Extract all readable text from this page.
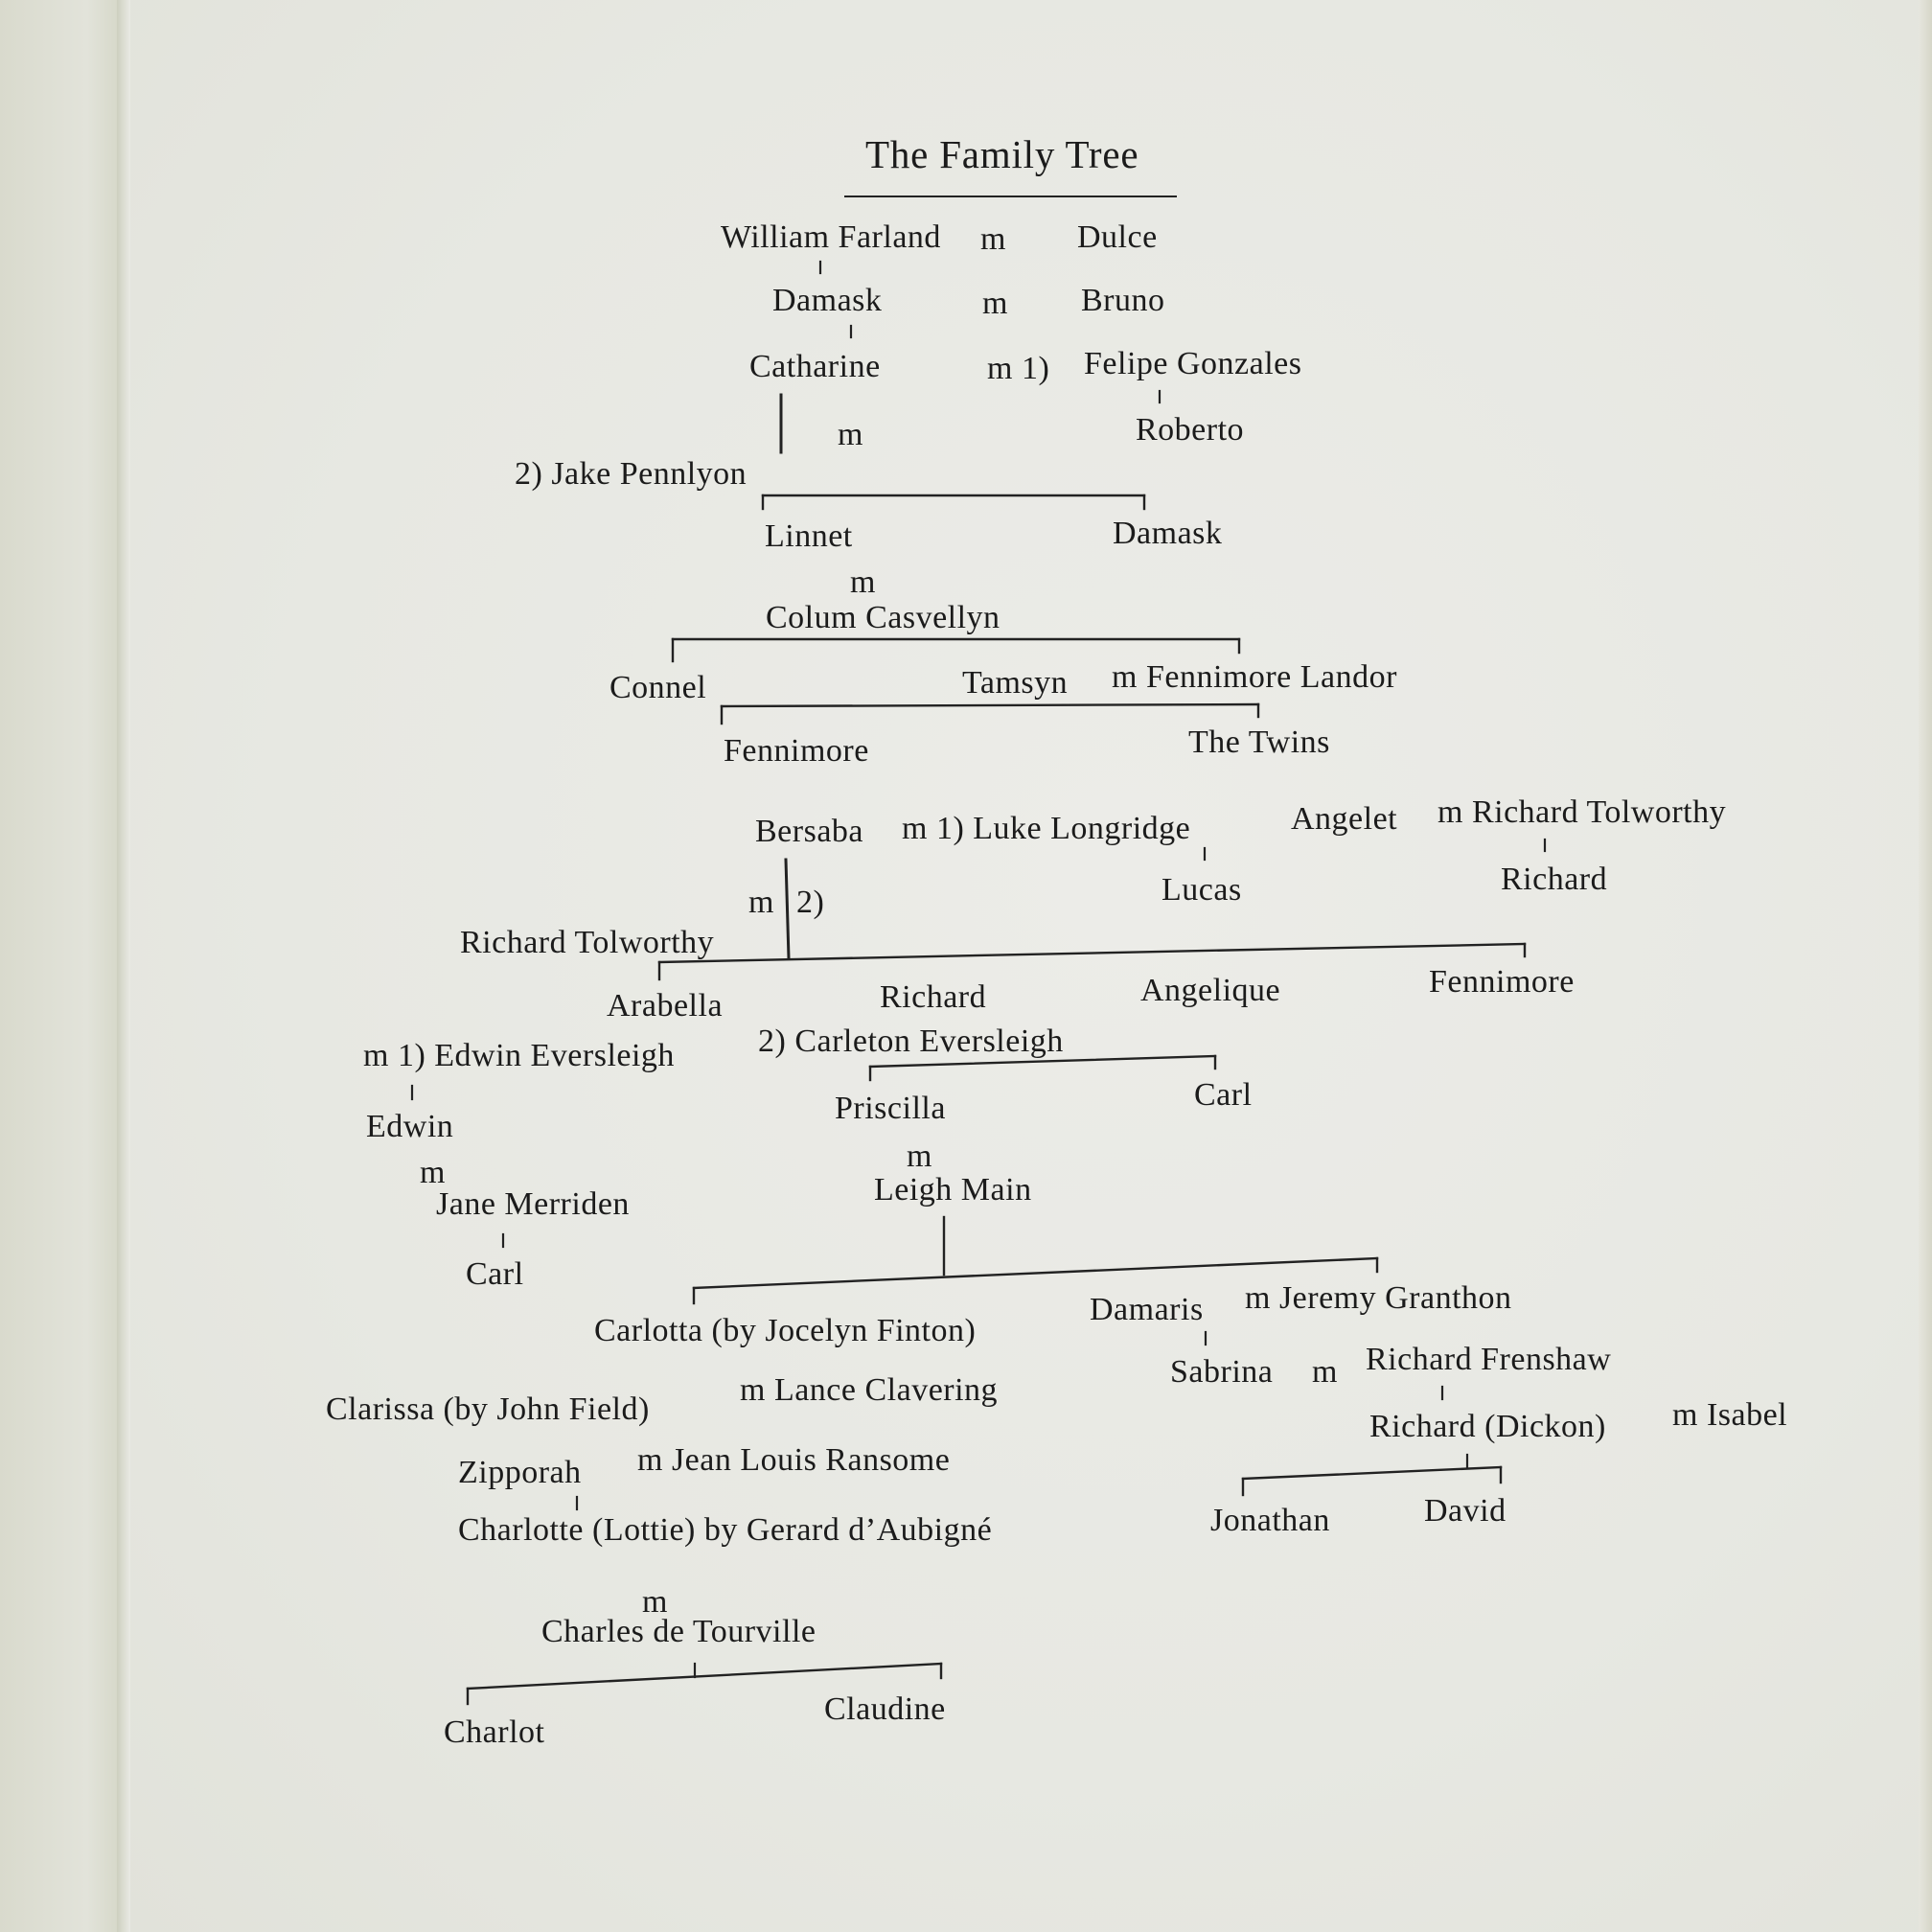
The Family Tree
William Farland m Dulce
Damask	m Bruno
Catharine	m 1) Felipe Gonzales
Roberto
m
2) Jake Pennlyon
Linnet	Damask
m
Colum Casvellyn
Connel	Tamsyn m Fennimore Landor
Fennimore	The Twins
Bersaba m 1) Luke Longridge
Lucas
Angelet m Richard Tolworthy
Richard
m 2)
Richard Tolworthy
Arabella	Richard	Angelique	Fennimore
m 1) Edwin Eversleigh	2) Carleton Eversleigh
Edwin
m
Jane Merriden
Carl
Priscilla	Carl
m
Leigh Main
Carlotta (by Jocelyn Finton)
Damaris m Jeremy Granthon
Sabrina m Richard Frenshaw
Clarissa (by John Field)
m Lance Clavering
Richard (Dickon) m Isabel
Zipporah m Jean Louis Ransome
Jonathan	David
Charlotte (Lottie) by Gerard d’Aubigné
m
Charles de Tourville
Charlot
Claudine
